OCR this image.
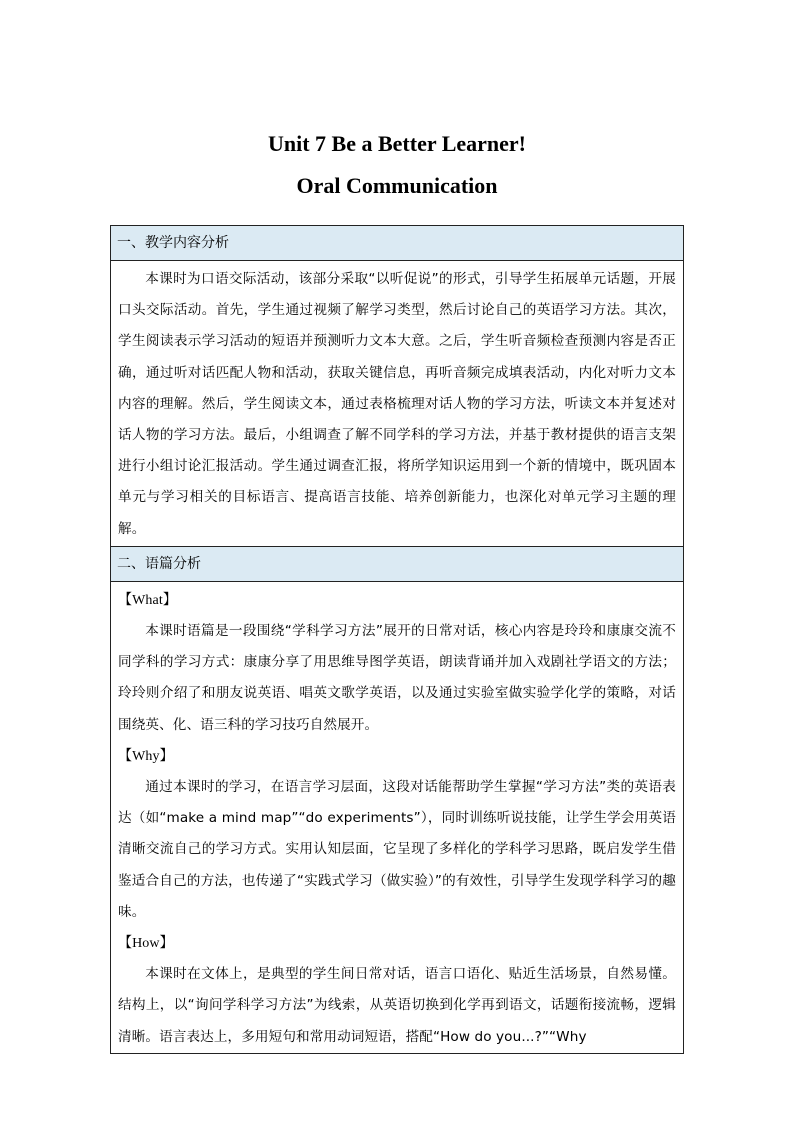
Unit 7 Be a Better Learner!
Oral Communication
一、教学内容分析

本课时为口语交际活动，该部分采取“以听促说”的形式，引导学生拓展单元话题，开展口头交际活动。首先，学生通过视频了解学习类型，然后讨论自己的英语学习方法。其次，学生阅读表示学习活动的短语并预测听力文本大意。之后，学生听音频检查预测内容是否正确，通过听对话匹配人物和活动，获取关键信息，再听音频完成填表活动，内化对听力文本内容的理解。然后，学生阅读文本，通过表格梳理对话人物的学习方法，听读文本并复述对话人物的学习方法。最后，小组调查了解不同学科的学习方法，并基于教材提供的语言支架进行小组讨论汇报活动。学生通过调查汇报，将所学知识运用到一个新的情境中，既巩固本单元与学习相关的目标语言、提高语言技能、培养创新能力，也深化对单元学习主题的理解。

二、语篇分析

【What】

本课时语篇是一段围绕“学科学习方法”展开的日常对话，核心内容是玲玲和康康交流不同学科的学习方式：康康分享了用思维导图学英语，朗读背诵并加入戏剧社学语文的方法；玲玲则介绍了和朋友说英语、唱英文歌学英语，以及通过实验室做实验学化学的策略，对话围绕英、化、语三科的学习技巧自然展开。

【Why】

通过本课时的学习，在语言学习层面，这段对话能帮助学生掌握“学习方法”类的英语表达（如“make a mind map”“do experiments”），同时训练听说技能，让学生学会用英语清晰交流自己的学习方式。实用认知层面，它呈现了多样化的学科学习思路，既启发学生借鉴适合自己的方法，也传递了“实践式学习（做实验）”的有效性，引导学生发现学科学习的趣味。

【How】

本课时在文体上，是典型的学生间日常对话，语言口语化、贴近生活场景，自然易懂。结构上，以“询问学科学习方法”为线索，从英语切换到化学再到语文，话题衔接流畅，逻辑清晰。语言表达上，多用短句和常用动词短语，搭配“How do you...?”“Why
